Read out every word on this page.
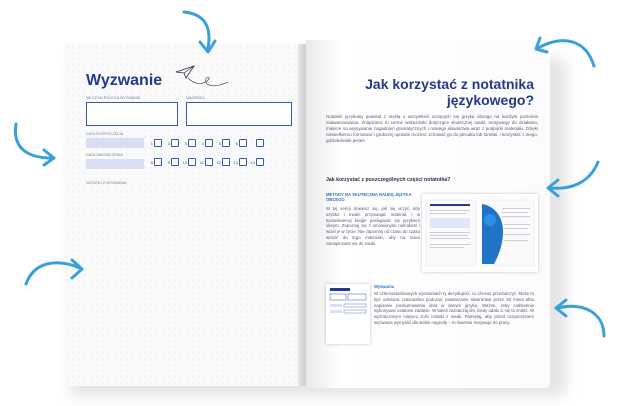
Wyzwanie
NA CZYM POLEGA WYZWANIE	NAGRODA
DATA ROZPOCZĘCIA
DATA ZAKOŃCZENIA
1	2	3	4	5	6
8	9	10	11	12	13	14
NOTATKI Z WYZWANIA
Jak korzystać z notatnika
językowego?
Notatnik językowy powstał z myślą o wszystkich uczących się języka obcego na każdym poziomie zaawansowania. Znajdziesz tu cenne wskazówki dotyczące skutecznej nauki, motywację do działania, miejsce na wpisywanie zagadnień gramatycznych i nowego słownictwa wraz z podpórki materiału. Dzięki niewielkiemu formatowi i grubszej oprawie możesz schować go do plecaka lub torebki, i korzystać z niego, gdziekolwiek jesteś.
Jak korzystać z poszczególnych części notatnika?
METODY NA SKUTECZNĄ NAUKĘ JĘZYKA OBCEGO
W tej sekcji dowiesz się, jak się uczyć, aby szybko i trwale przyswajać materiał, i w konsekwencji biegle posługiwać się językiem obcym. Zapoznaj się z omówionymi metodami i wciel je w życie. Nie zapomnij od czasu do czasu wrócić do tego materiału, aby na nowo zainspirować się do nauki.
Wyzwania
W czternastodniowych wyzwaniach ty decydujesz, co chcesz przećwiczyć. Może to być odmiana czasownika podczas, powtarzanie słownictwa przez 30 minut albo napisanie podsumowania dnia w danym języku. Ważne, żeby codziennie wykonywać ustalone zadanie. W tabeli zaznaczaj dni, kiedy udało ci się to zrobić. W wyznaczonym miejscu zrób notatki z nauki. Pamiętaj, aby przed rozpoczęciem wyzwania wymyślić dla siebie nagrodę – to świetnie motywuje do pracy.
